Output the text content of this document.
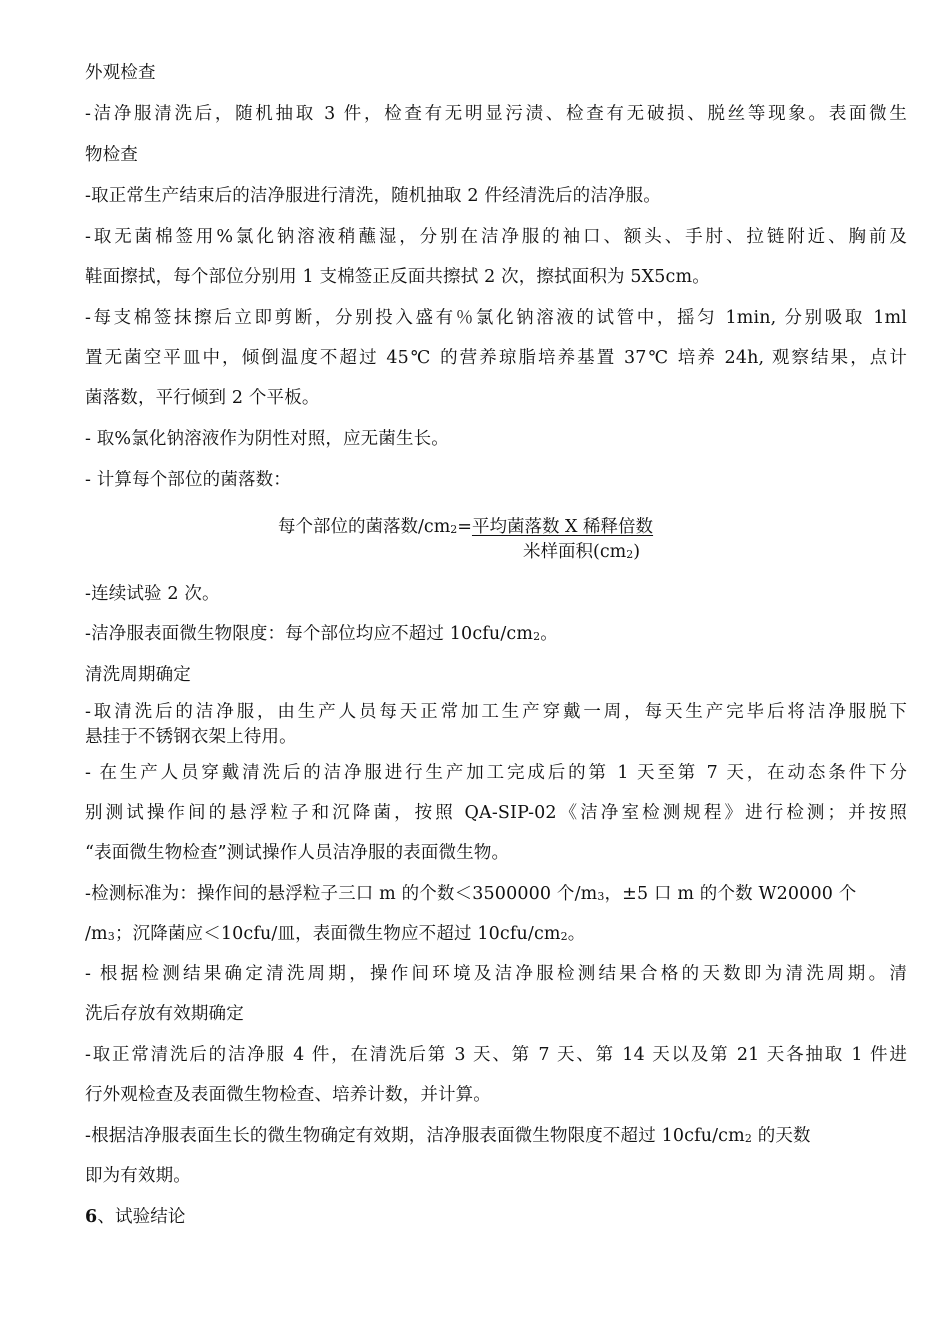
外观检查
-洁净服清洗后，随机抽取 3 件，检查有无明显污渍、检查有无破损、脱丝等现象。表面微生
物检查
-取正常生产结束后的洁净服进行清洗，随机抽取 2 件经清洗后的洁净服。
-取无菌棉签用%氯化钠溶液稍蘸湿，分别在洁净服的袖口、额头、手肘、拉链附近、胸前及
鞋面擦拭，每个部位分别用 1 支棉签正反面共擦拭 2 次，擦拭面积为 5X5cm。
-每支棉签抹擦后立即剪断，分别投入盛有％氯化钠溶液的试管中，摇匀 1min, 分别吸取 1ml
置无菌空平皿中，倾倒温度不超过 45℃ 的营养琼脂培养基置 37℃ 培养 24h, 观察结果，点计
菌落数，平行倾到 2 个平板。
- 取%氯化钠溶液作为阴性对照，应无菌生长。
- 计算每个部位的菌落数：
每个部位的菌落数/cm2=平均菌落数 X 稀释倍数
米样面积(cm2)
-连续试验 2 次。
-洁净服表面微生物限度：每个部位均应不超过 10cfu/cm2。
清洗周期确定
-取清洗后的洁净服，由生产人员每天正常加工生产穿戴一周，每天生产完毕后将洁净服脱下
悬挂于不锈钢衣架上待用。
- 在生产人员穿戴清洗后的洁净服进行生产加工完成后的第 1 天至第 7 天，在动态条件下分
别测试操作间的悬浮粒子和沉降菌，按照 QA-SIP-02《洁净室检测规程》进行检测；并按照
“表面微生物检查”测试操作人员洁净服的表面微生物。
-检测标准为：操作间的悬浮粒子三口 m 的个数＜3500000 个/m3，±5 口 m 的个数 W20000 个
/m3；沉降菌应＜10cfu/皿，表面微生物应不超过 10cfu/cm2。
- 根据检测结果确定清洗周期，操作间环境及洁净服检测结果合格的天数即为清洗周期。清
洗后存放有效期确定
-取正常清洗后的洁净服 4 件，在清洗后第 3 天、第 7 天、第 14 天以及第 21 天各抽取 1 件进
行外观检查及表面微生物检查、培养计数，并计算。
-根据洁净服表面生长的微生物确定有效期，洁净服表面微生物限度不超过 10cfu/cm2 的天数
即为有效期。
6、试验结论
